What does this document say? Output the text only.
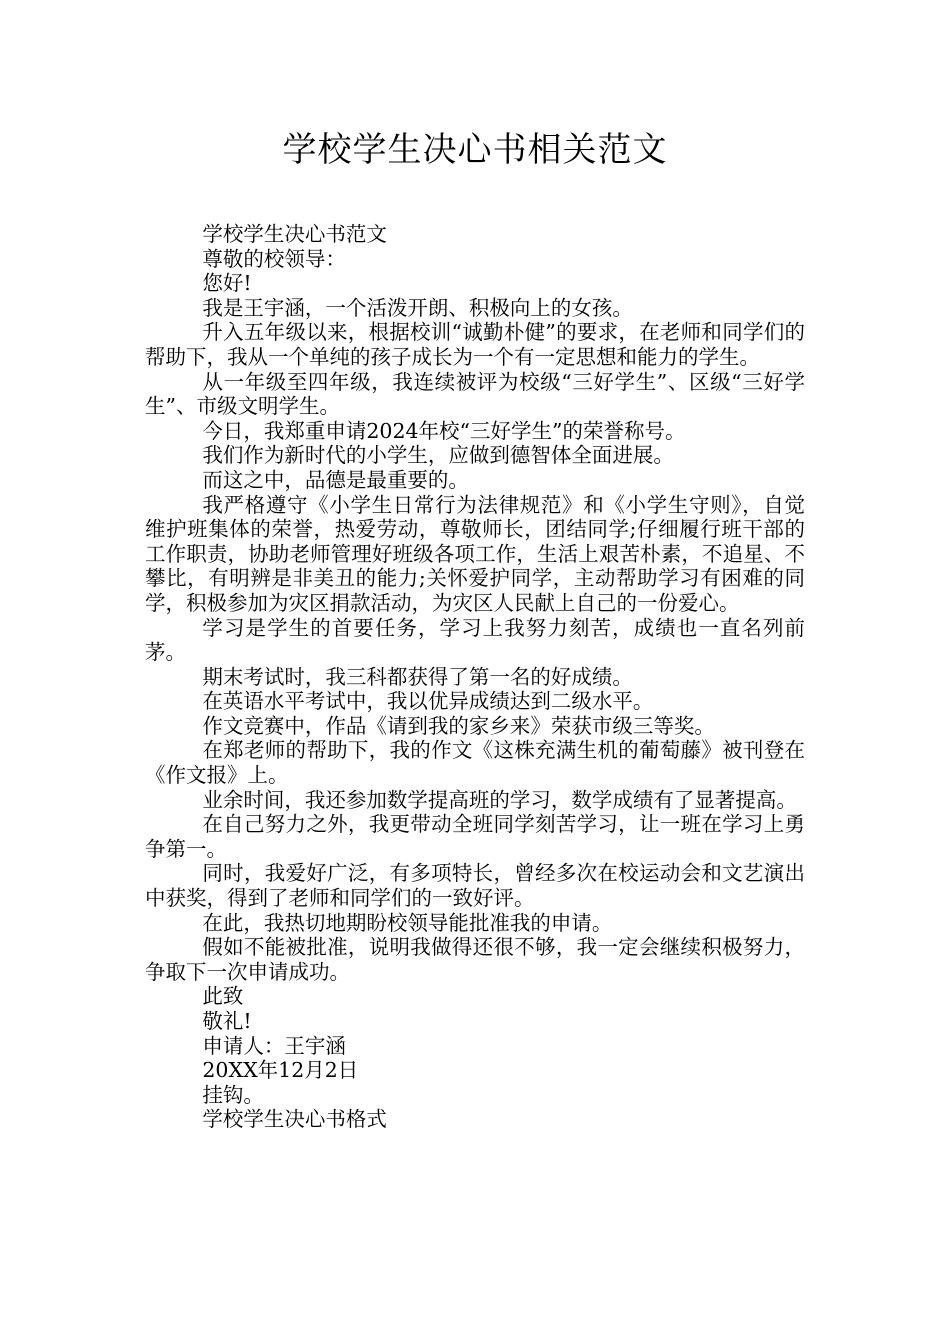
学校学生决心书相关范文

学校学生决心书范文

尊敬的校领导：

您好!

我是王宇涵，一个活泼开朗、积极向上的女孩。

升入五年级以来，根据校训“诚勤朴健”的要求，在老师和同学们的帮助下，我从一个单纯的孩子成长为一个有一定思想和能力的学生。

从一年级至四年级，我连续被评为校级“三好学生”、区级“三好学生”、市级文明学生。

今日，我郑重申请2024年校“三好学生”的荣誉称号。

我们作为新时代的小学生，应做到德智体全面进展。

而这之中，品德是最重要的。

我严格遵守《小学生日常行为法律规范》和《小学生守则》，自觉维护班集体的荣誉，热爱劳动，尊敬师长，团结同学;仔细履行班干部的工作职责，协助老师管理好班级各项工作，生活上艰苦朴素，不追星、不攀比，有明辨是非美丑的能力;关怀爱护同学，主动帮助学习有困难的同学，积极参加为灾区捐款活动，为灾区人民献上自己的一份爱心。

学习是学生的首要任务，学习上我努力刻苦，成绩也一直名列前茅。

期末考试时，我三科都获得了第一名的好成绩。

在英语水平考试中，我以优异成绩达到二级水平。

作文竞赛中，作品《请到我的家乡来》荣获市级三等奖。

在郑老师的帮助下，我的作文《这株充满生机的葡萄藤》被刊登在《作文报》上。

业余时间，我还参加数学提高班的学习，数学成绩有了显著提高。

在自己努力之外，我更带动全班同学刻苦学习，让一班在学习上勇争第一。

同时，我爱好广泛，有多项特长，曾经多次在校运动会和文艺演出中获奖，得到了老师和同学们的一致好评。

在此，我热切地期盼校领导能批准我的申请。

假如不能被批准，说明我做得还很不够，我一定会继续积极努力，争取下一次申请成功。

此致

敬礼!

申请人：王宇涵

20XX年12月2日

挂钩。

学校学生决心书格式
